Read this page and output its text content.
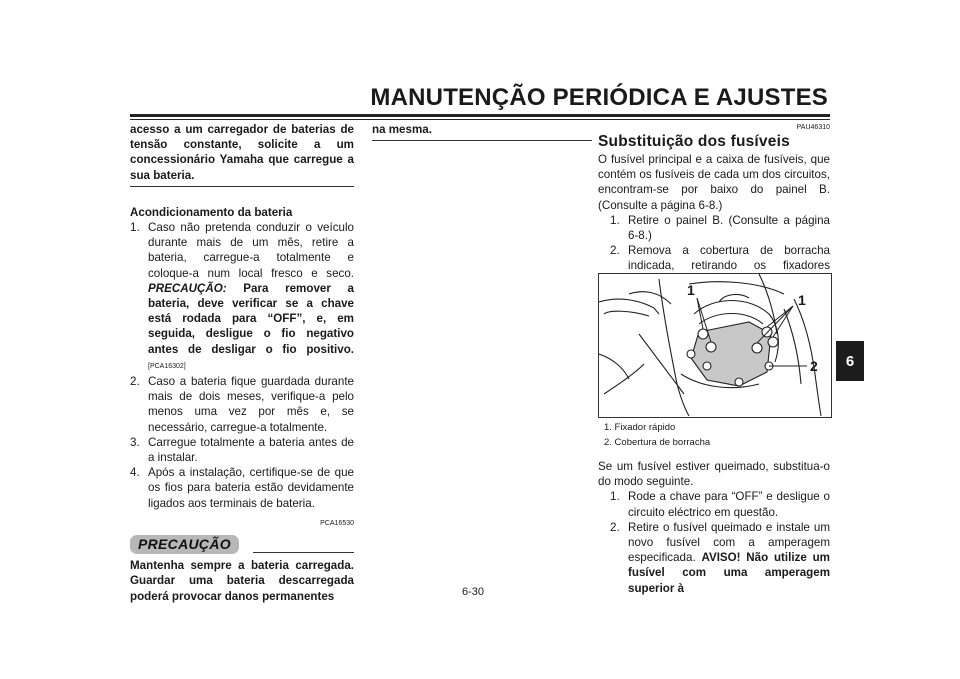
MANUTENÇÃO PERIÓDICA E AJUSTES
6

acesso a um carregador de baterias de tensão constante, solicite a um concessionário Yamaha que carregue a sua bateria.

Acondicionamento da bateria

1. Caso não pretenda conduzir o veículo durante mais de um mês, retire a bateria, carregue-a totalmente e coloque-a num local fresco e seco. PRECAUÇÃO: Para remover a bateria, deve verificar se a chave está rodada para “OFF”, e, em seguida, desligue o fio negativo antes de desligar o fio positivo.[PCA16302]
2. Caso a bateria fique guardada durante mais de dois meses, verifique-a pelo menos uma vez por mês e, se necessário, carregue-a totalmente.
3. Carregue totalmente a bateria antes de a instalar.
4. Após a instalação, certifique-se de que os fios para bateria estão devidamente ligados aos terminais de bateria.
PCA16530
PRECAUÇÃO

Mantenha sempre a bateria carregada. Guardar uma bateria descarregada poderá provocar danos permanentes

na mesma.	PAU46310
Substituição dos fusíveis

O fusível principal e a caixa de fusíveis, que contém os fusíveis de cada um dos circuitos, encontram-se por baixo do painel B. (Consulte a página 6-8.)

1. Retire o painel B. (Consulte a página 6-8.)
2. Remova a cobertura de borracha indicada, retirando os fixadores
1
1
2
1. Fixador rápido
2. Cobertura de borracha

Se um fusível estiver queimado, substitua-o do modo seguinte.

1. Rode a chave para “OFF” e desligue o circuito eléctrico em questão.
2. Retire o fusível queimado e instale um novo fusível com a amperagem especificada. AVISO! Não utilize um fusível com uma amperagem superior à
6-30
